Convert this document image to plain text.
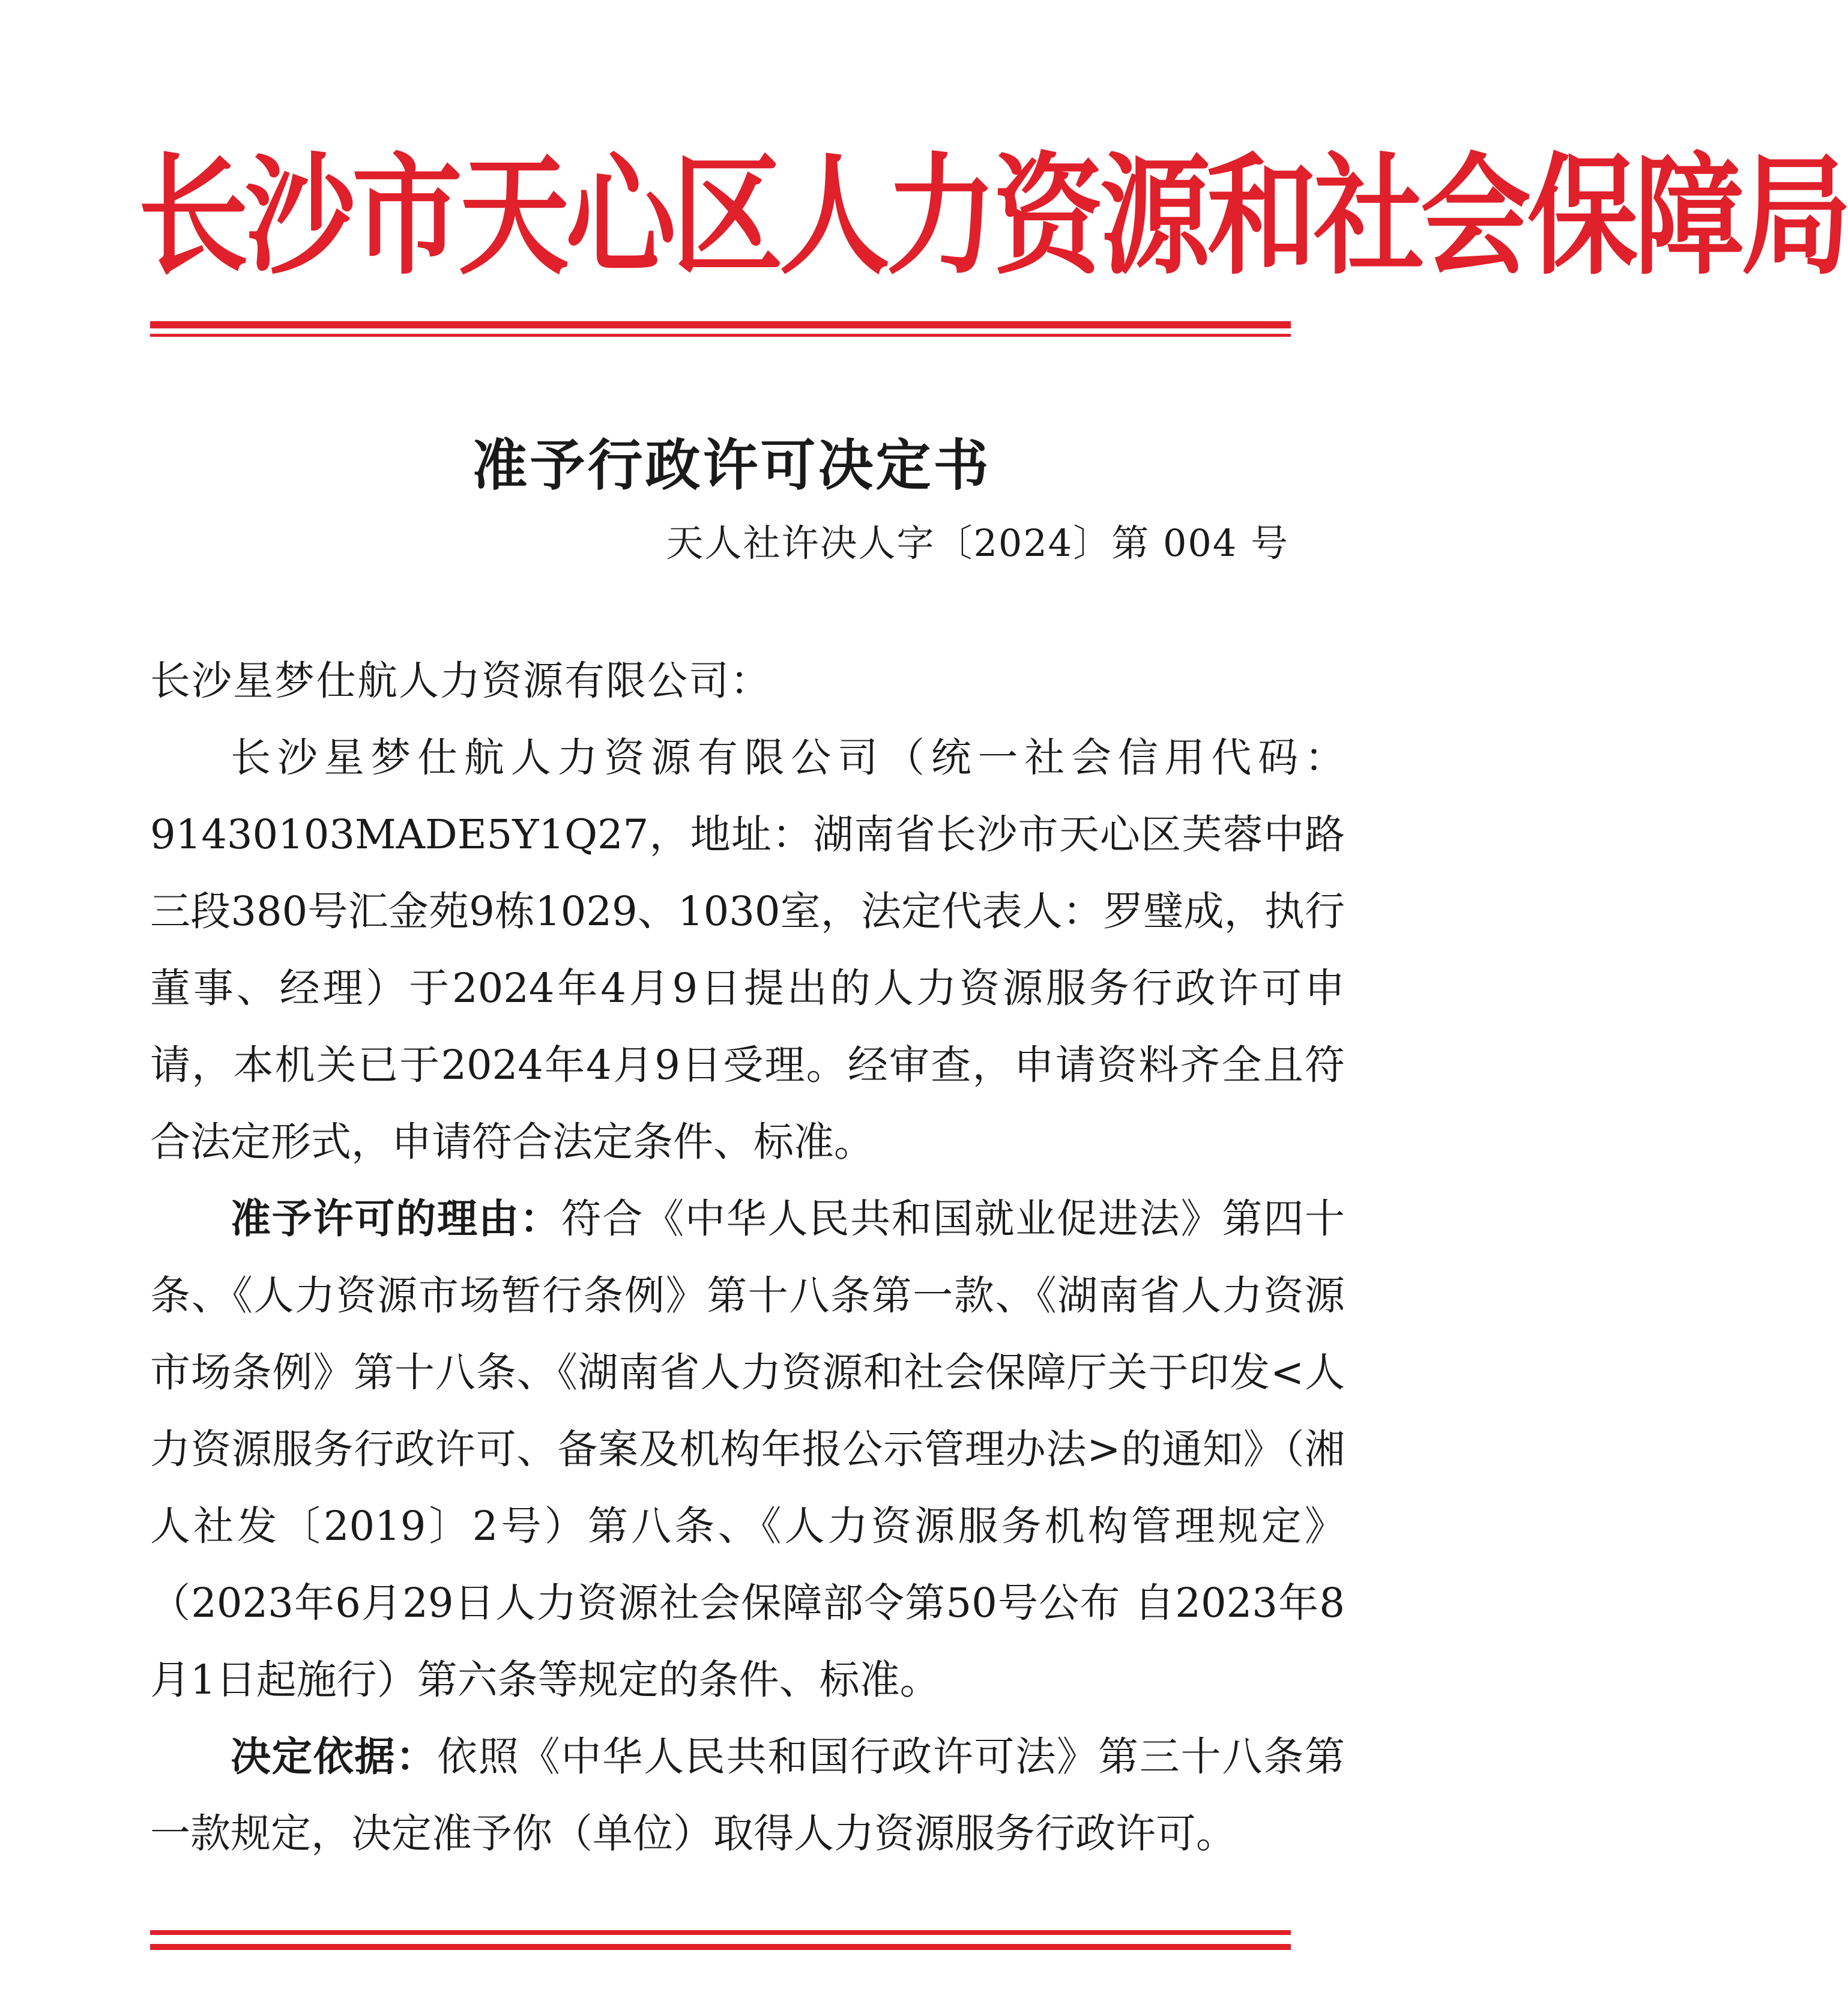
长沙市天心区人力资源和社会保障局
准予行政许可决定书
天人社许决人字〔2024〕第 004 号

长沙星梦仕航人力资源有限公司：

长沙星梦仕航人力资源有限公司（统一社会信用代码：91430103MADE5Y1Q27，地址：湖南省长沙市天心区芙蓉中路三段380号汇金苑9栋1029、1030室，法定代表人：罗璧成，执行董事、经理）于2024年4月9日提出的人力资源服务行政许可申请，本机关已于2024年4月9日受理。经审查，申请资料齐全且符合法定形式，申请符合法定条件、标准。

准予许可的理由：符合《中华人民共和国就业促进法》第四十条、《人力资源市场暂行条例》第十八条第一款、《湖南省人力资源市场条例》第十八条、《湖南省人力资源和社会保障厅关于印发<人力资源服务行政许可、备案及机构年报公示管理办法>的通知》（湘人社发〔2019〕2号）第八条、《人力资源服务机构管理规定》（2023年6月29日人力资源社会保障部令第50号公布 自2023年8月1日起施行）第六条等规定的条件、标准。

决定依据：依照《中华人民共和国行政许可法》第三十八条第一款规定，决定准予你（单位）取得人力资源服务行政许可。
